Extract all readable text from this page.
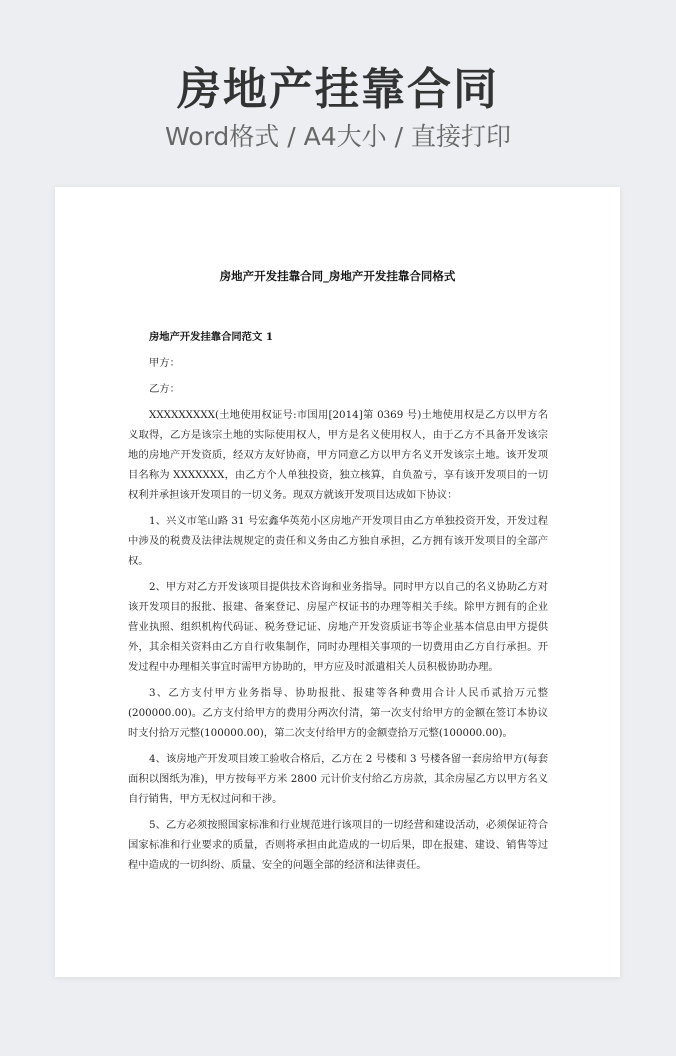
房地产挂靠合同
Word格式 / A4大小 / 直接打印
房地产开发挂靠合同_房地产开发挂靠合同格式

房地产开发挂靠合同范文 1

甲方：

乙方：

XXXXXXXXX(土地使用权证号:市国用[2014]第 0369 号)土地使用权是乙方以甲方名义取得，乙方是该宗土地的实际使用权人，甲方是名义使用权人，由于乙方不具备开发该宗地的房地产开发资质，经双方友好协商，甲方同意乙方以甲方名义开发该宗土地。该开发项目名称为 XXXXXXX，由乙方个人单独投资，独立核算，自负盈亏，享有该开发项目的一切权利并承担该开发项目的一切义务。现双方就该开发项目达成如下协议：

1、兴义市笔山路 31 号宏鑫华英苑小区房地产开发项目由乙方单独投资开发，开发过程中涉及的税费及法律法规规定的责任和义务由乙方独自承担，乙方拥有该开发项目的全部产权。

2、甲方对乙方开发该项目提供技术咨询和业务指导。同时甲方以自己的名义协助乙方对该开发项目的报批、报建、备案登记、房屋产权证书的办理等相关手续。除甲方拥有的企业营业执照、组织机构代码证、税务登记证、房地产开发资质证书等企业基本信息由甲方提供外，其余相关资料由乙方自行收集制作，同时办理相关事项的一切费用由乙方自行承担。开发过程中办理相关事宜时需甲方协助的，甲方应及时派遣相关人员积极协助办理。

3、乙方支付甲方业务指导、协助报批、报建等各种费用合计人民币贰拾万元整(200000.00)。乙方支付给甲方的费用分两次付清，第一次支付给甲方的金额在签订本协议时支付拾万元整(100000.00)，第二次支付给甲方的金额壹拾万元整(100000.00)。

4、该房地产开发项目竣工验收合格后，乙方在 2 号楼和 3 号楼各留一套房给甲方(每套面积以图纸为准)，甲方按每平方米 2800 元计价支付给乙方房款，其余房屋乙方以甲方名义自行销售，甲方无权过问和干涉。

5、乙方必须按照国家标准和行业规范进行该项目的一切经营和建设活动，必须保证符合国家标准和行业要求的质量，否则将承担由此造成的一切后果，即在报建、建设、销售等过程中造成的一切纠纷、质量、安全的问题全部的经济和法律责任。
